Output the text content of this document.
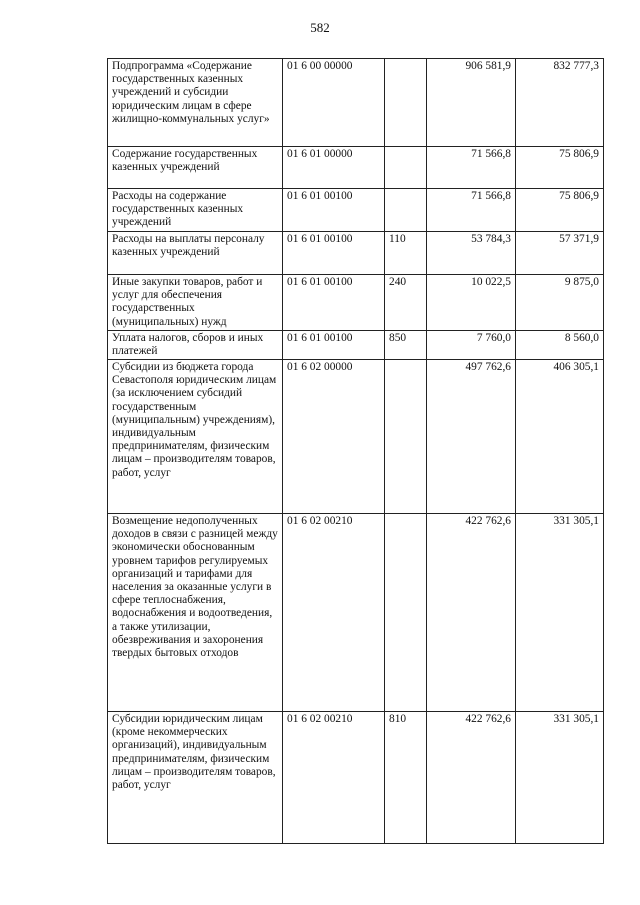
582
Подпрограмма «Содержание государственных казенных учреждений и субсидии юридическим лицам в сфере жилищно-коммунальных услуг»	01 6 00 00000		906 581,9	832 777,3
Содержание государственных казенных учреждений	01 6 01 00000		71 566,8	75 806,9
Расходы на содержание государственных казенных учреждений	01 6 01 00100		71 566,8	75 806,9
Расходы на выплаты персоналу казенных учреждений	01 6 01 00100	110	53 784,3	57 371,9
Иные закупки товаров, работ и услуг для обеспечения государственных (муниципальных) нужд	01 6 01 00100	240	10 022,5	9 875,0
Уплата налогов, сборов и иных платежей	01 6 01 00100	850	7 760,0	8 560,0
Субсидии из бюджета города Севастополя юридическим лицам (за исключением субсидий государственным (муниципальным) учреждениям), индивидуальным предпринимателям, физическим лицам – производителям товаров, работ, услуг	01 6 02 00000		497 762,6	406 305,1
Возмещение недополученных доходов в связи с разницей между экономически обоснованным уровнем тарифов регулируемых организаций и тарифами для населения за оказанные услуги в сфере теплоснабжения, водоснабжения и водоотведения, а также утилизации, обезвреживания и захоронения твердых бытовых отходов	01 6 02 00210		422 762,6	331 305,1
Субсидии юридическим лицам (кроме некоммерческих организаций), индивидуальным предпринимателям, физическим лицам – производителям товаров, работ, услуг	01 6 02 00210	810	422 762,6	331 305,1
